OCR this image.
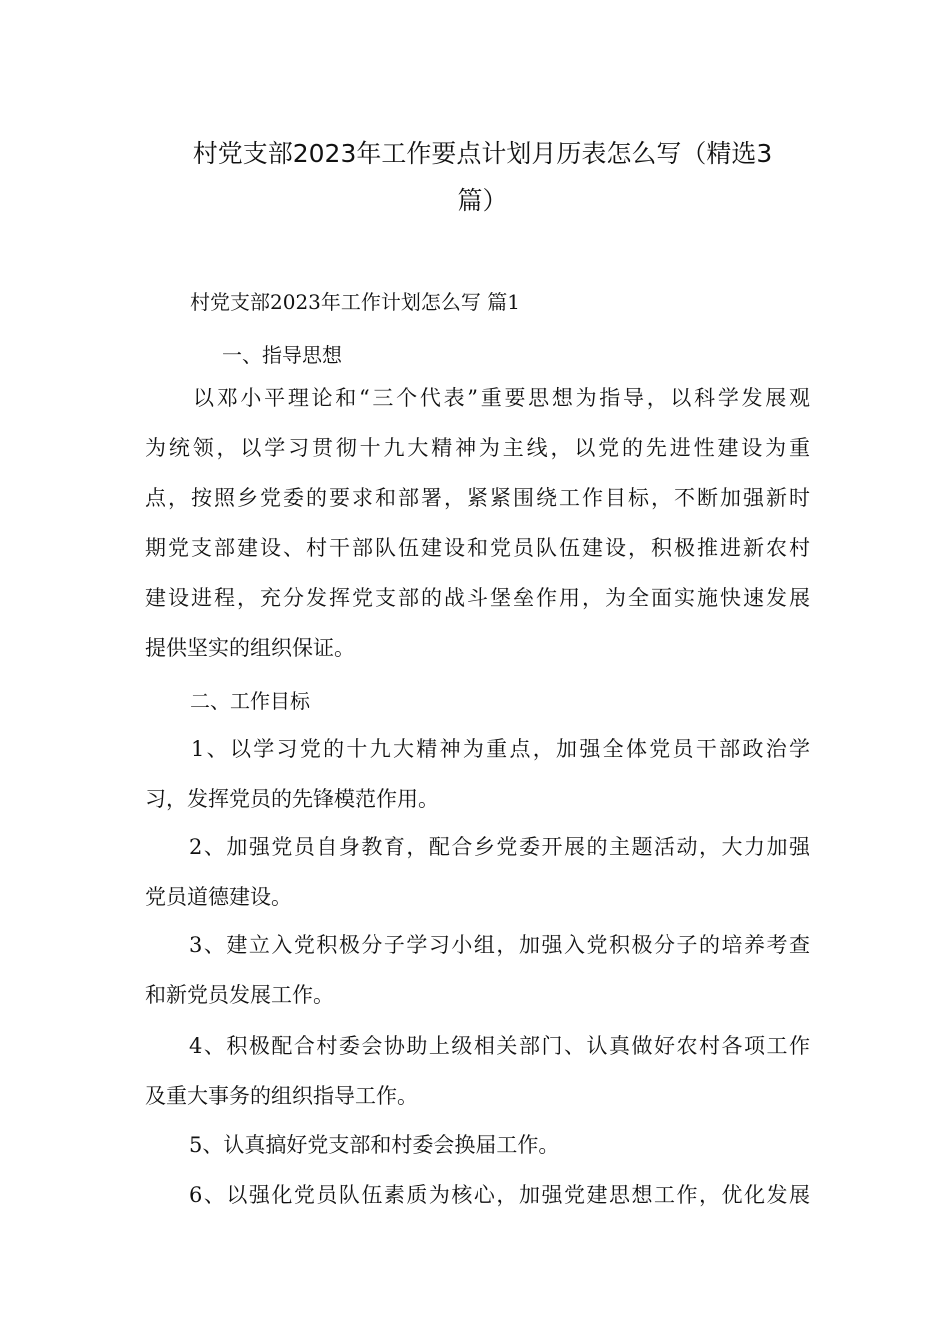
村党支部2023年工作要点计划月历表怎么写（精选3
篇）
村党支部2023年工作计划怎么写 篇1
一、指导思想
以邓小平理论和“三个代表”重要思想为指导，以科学发展观
为统领，以学习贯彻十九大精神为主线，以党的先进性建设为重
点，按照乡党委的要求和部署，紧紧围绕工作目标，不断加强新时
期党支部建设、村干部队伍建设和党员队伍建设，积极推进新农村
建设进程，充分发挥党支部的战斗堡垒作用，为全面实施快速发展
提供坚实的组织保证。
二、工作目标
1、以学习党的十九大精神为重点，加强全体党员干部政治学
习，发挥党员的先锋模范作用。
2、加强党员自身教育，配合乡党委开展的主题活动，大力加强
党员道德建设。
3、建立入党积极分子学习小组，加强入党积极分子的培养考查
和新党员发展工作。
4、积极配合村委会协助上级相关部门、认真做好农村各项工作
及重大事务的组织指导工作。
5、认真搞好党支部和村委会换届工作。
6、以强化党员队伍素质为核心，加强党建思想工作，优化发展
